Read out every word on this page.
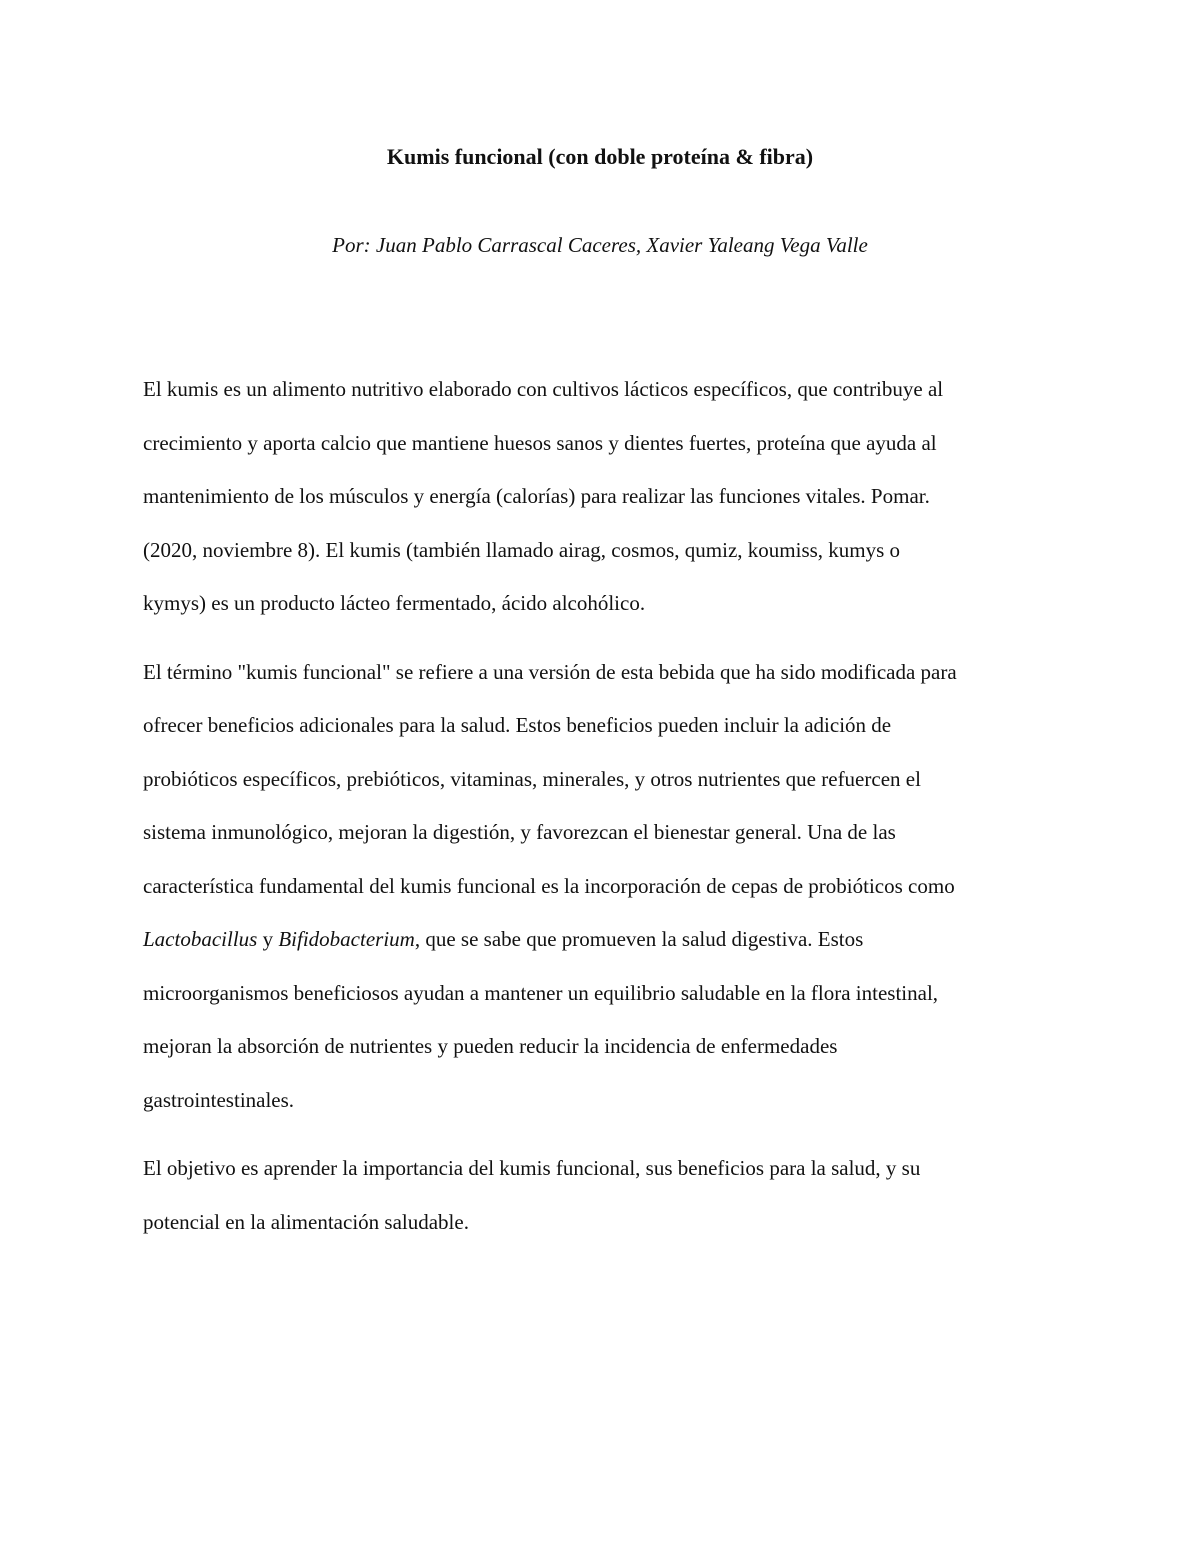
Kumis funcional (con doble proteína & fibra)
Por: Juan Pablo Carrascal Caceres, Xavier Yaleang Vega Valle

El kumis es un alimento nutritivo elaborado con cultivos lácticos específicos, que contribuye al
crecimiento y aporta calcio que mantiene huesos sanos y dientes fuertes, proteína que ayuda al
mantenimiento de los músculos y energía (calorías) para realizar las funciones vitales. Pomar.
(2020, noviembre 8). El kumis (también llamado airag, cosmos, qumiz, koumiss, kumys o
kymys) es un producto lácteo fermentado, ácido alcohólico.

El término "kumis funcional" se refiere a una versión de esta bebida que ha sido modificada para
ofrecer beneficios adicionales para la salud. Estos beneficios pueden incluir la adición de
probióticos específicos, prebióticos, vitaminas, minerales, y otros nutrientes que refuercen el
sistema inmunológico, mejoran la digestión, y favorezcan el bienestar general. Una de las
característica fundamental del kumis funcional es la incorporación de cepas de probióticos como
Lactobacillus y Bifidobacterium, que se sabe que promueven la salud digestiva. Estos
microorganismos beneficiosos ayudan a mantener un equilibrio saludable en la flora intestinal,
mejoran la absorción de nutrientes y pueden reducir la incidencia de enfermedades
gastrointestinales.

El objetivo es aprender la importancia del kumis funcional, sus beneficios para la salud, y su
potencial en la alimentación saludable.
